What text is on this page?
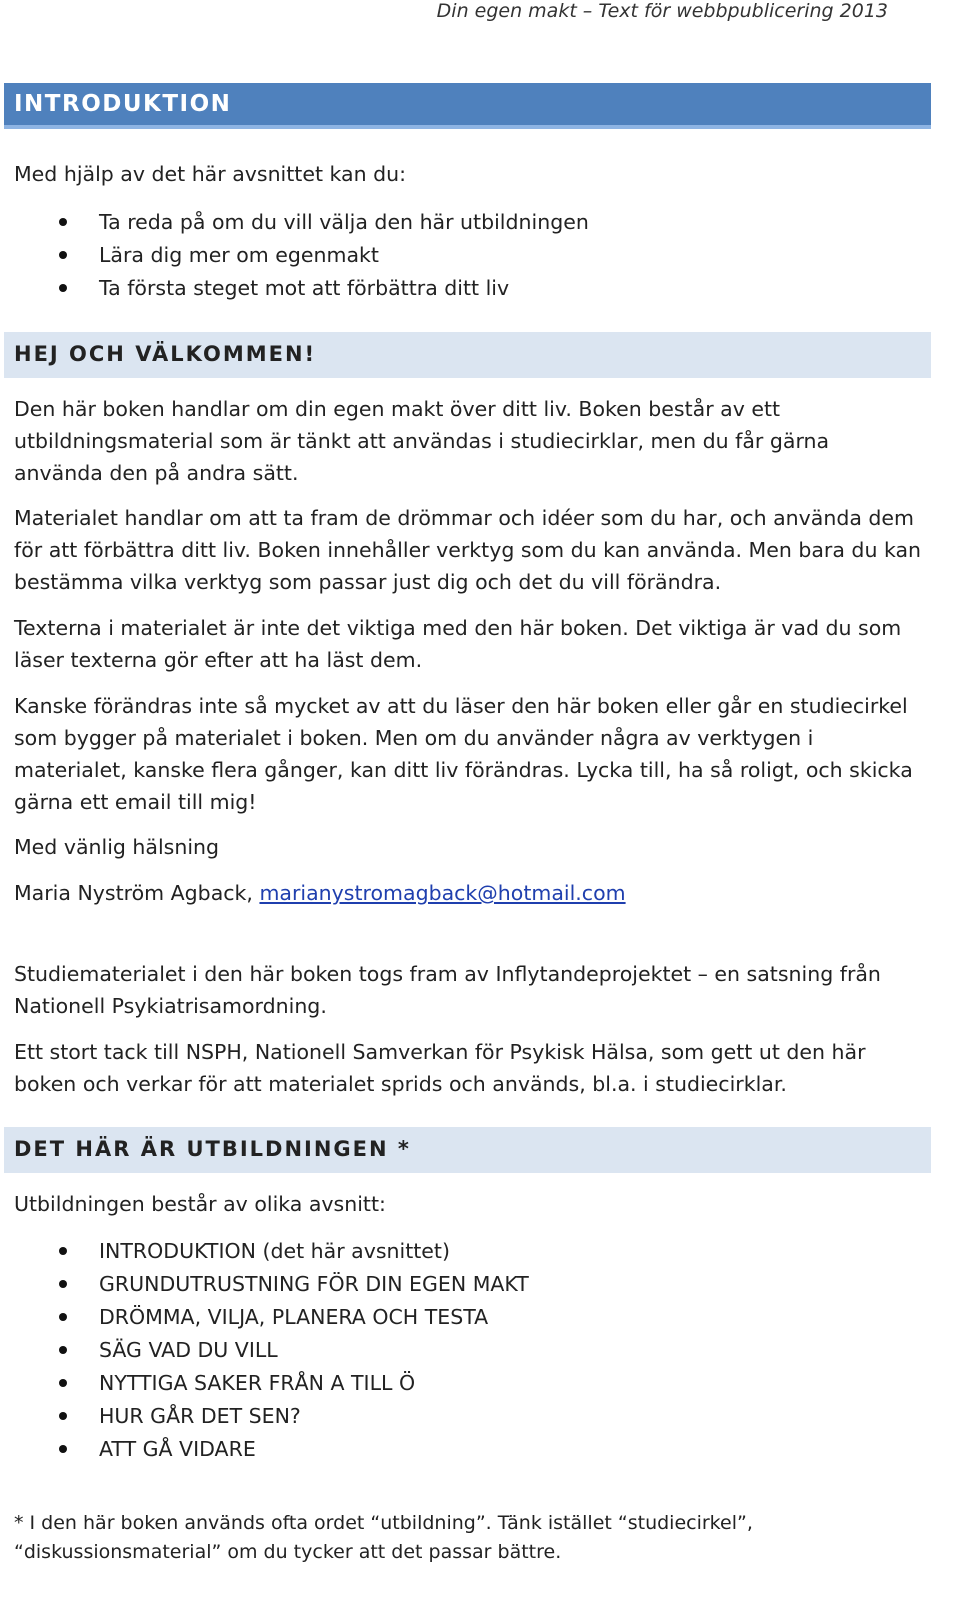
Din egen makt – Text för webbpublicering 2013

INTRODUKTION

Med hjälp av det här avsnittet kan du:

Ta reda på om du vill välja den här utbildningen

Lära dig mer om egenmakt

Ta första steget mot att förbättra ditt liv

HEJ OCH VÄLKOMMEN!

Den här boken handlar om din egen makt över ditt liv. Boken består av ett utbildningsmaterial som är tänkt att användas i studiecirklar, men du får gärna använda den på andra sätt.

Materialet handlar om att ta fram de drömmar och idéer som du har, och använda dem för att förbättra ditt liv. Boken innehåller verktyg som du kan använda. Men bara du kan bestämma vilka verktyg som passar just dig och det du vill förändra.

Texterna i materialet är inte det viktiga med den här boken. Det viktiga är vad du som läser texterna gör efter att ha läst dem.

Kanske förändras inte så mycket av att du läser den här boken eller går en studiecirkel som bygger på materialet i boken. Men om du använder några av verktygen i materialet, kanske flera gånger, kan ditt liv förändras. Lycka till, ha så roligt, och skicka gärna ett email till mig!

Med vänlig hälsning

Maria Nyström Agback, marianystromagback@hotmail.com

Studiematerialet i den här boken togs fram av Inflytandeprojektet – en satsning från Nationell Psykiatrisamordning.

Ett stort tack till NSPH, Nationell Samverkan för Psykisk Hälsa, som gett ut den här boken och verkar för att materialet sprids och används, bl.a. i studiecirklar.

DET HÄR ÄR UTBILDNINGEN *

Utbildningen består av olika avsnitt:

INTRODUKTION (det här avsnittet)

GRUNDUTRUSTNING FÖR DIN EGEN MAKT

DRÖMMA, VILJA, PLANERA OCH TESTA

SÄG VAD DU VILL

NYTTIGA SAKER FRÅN A TILL Ö

HUR GÅR DET SEN?

ATT GÅ VIDARE

* I den här boken används ofta ordet “utbildning”. Tänk istället “studiecirkel”, “diskussionsmaterial” om du tycker att det passar bättre.
